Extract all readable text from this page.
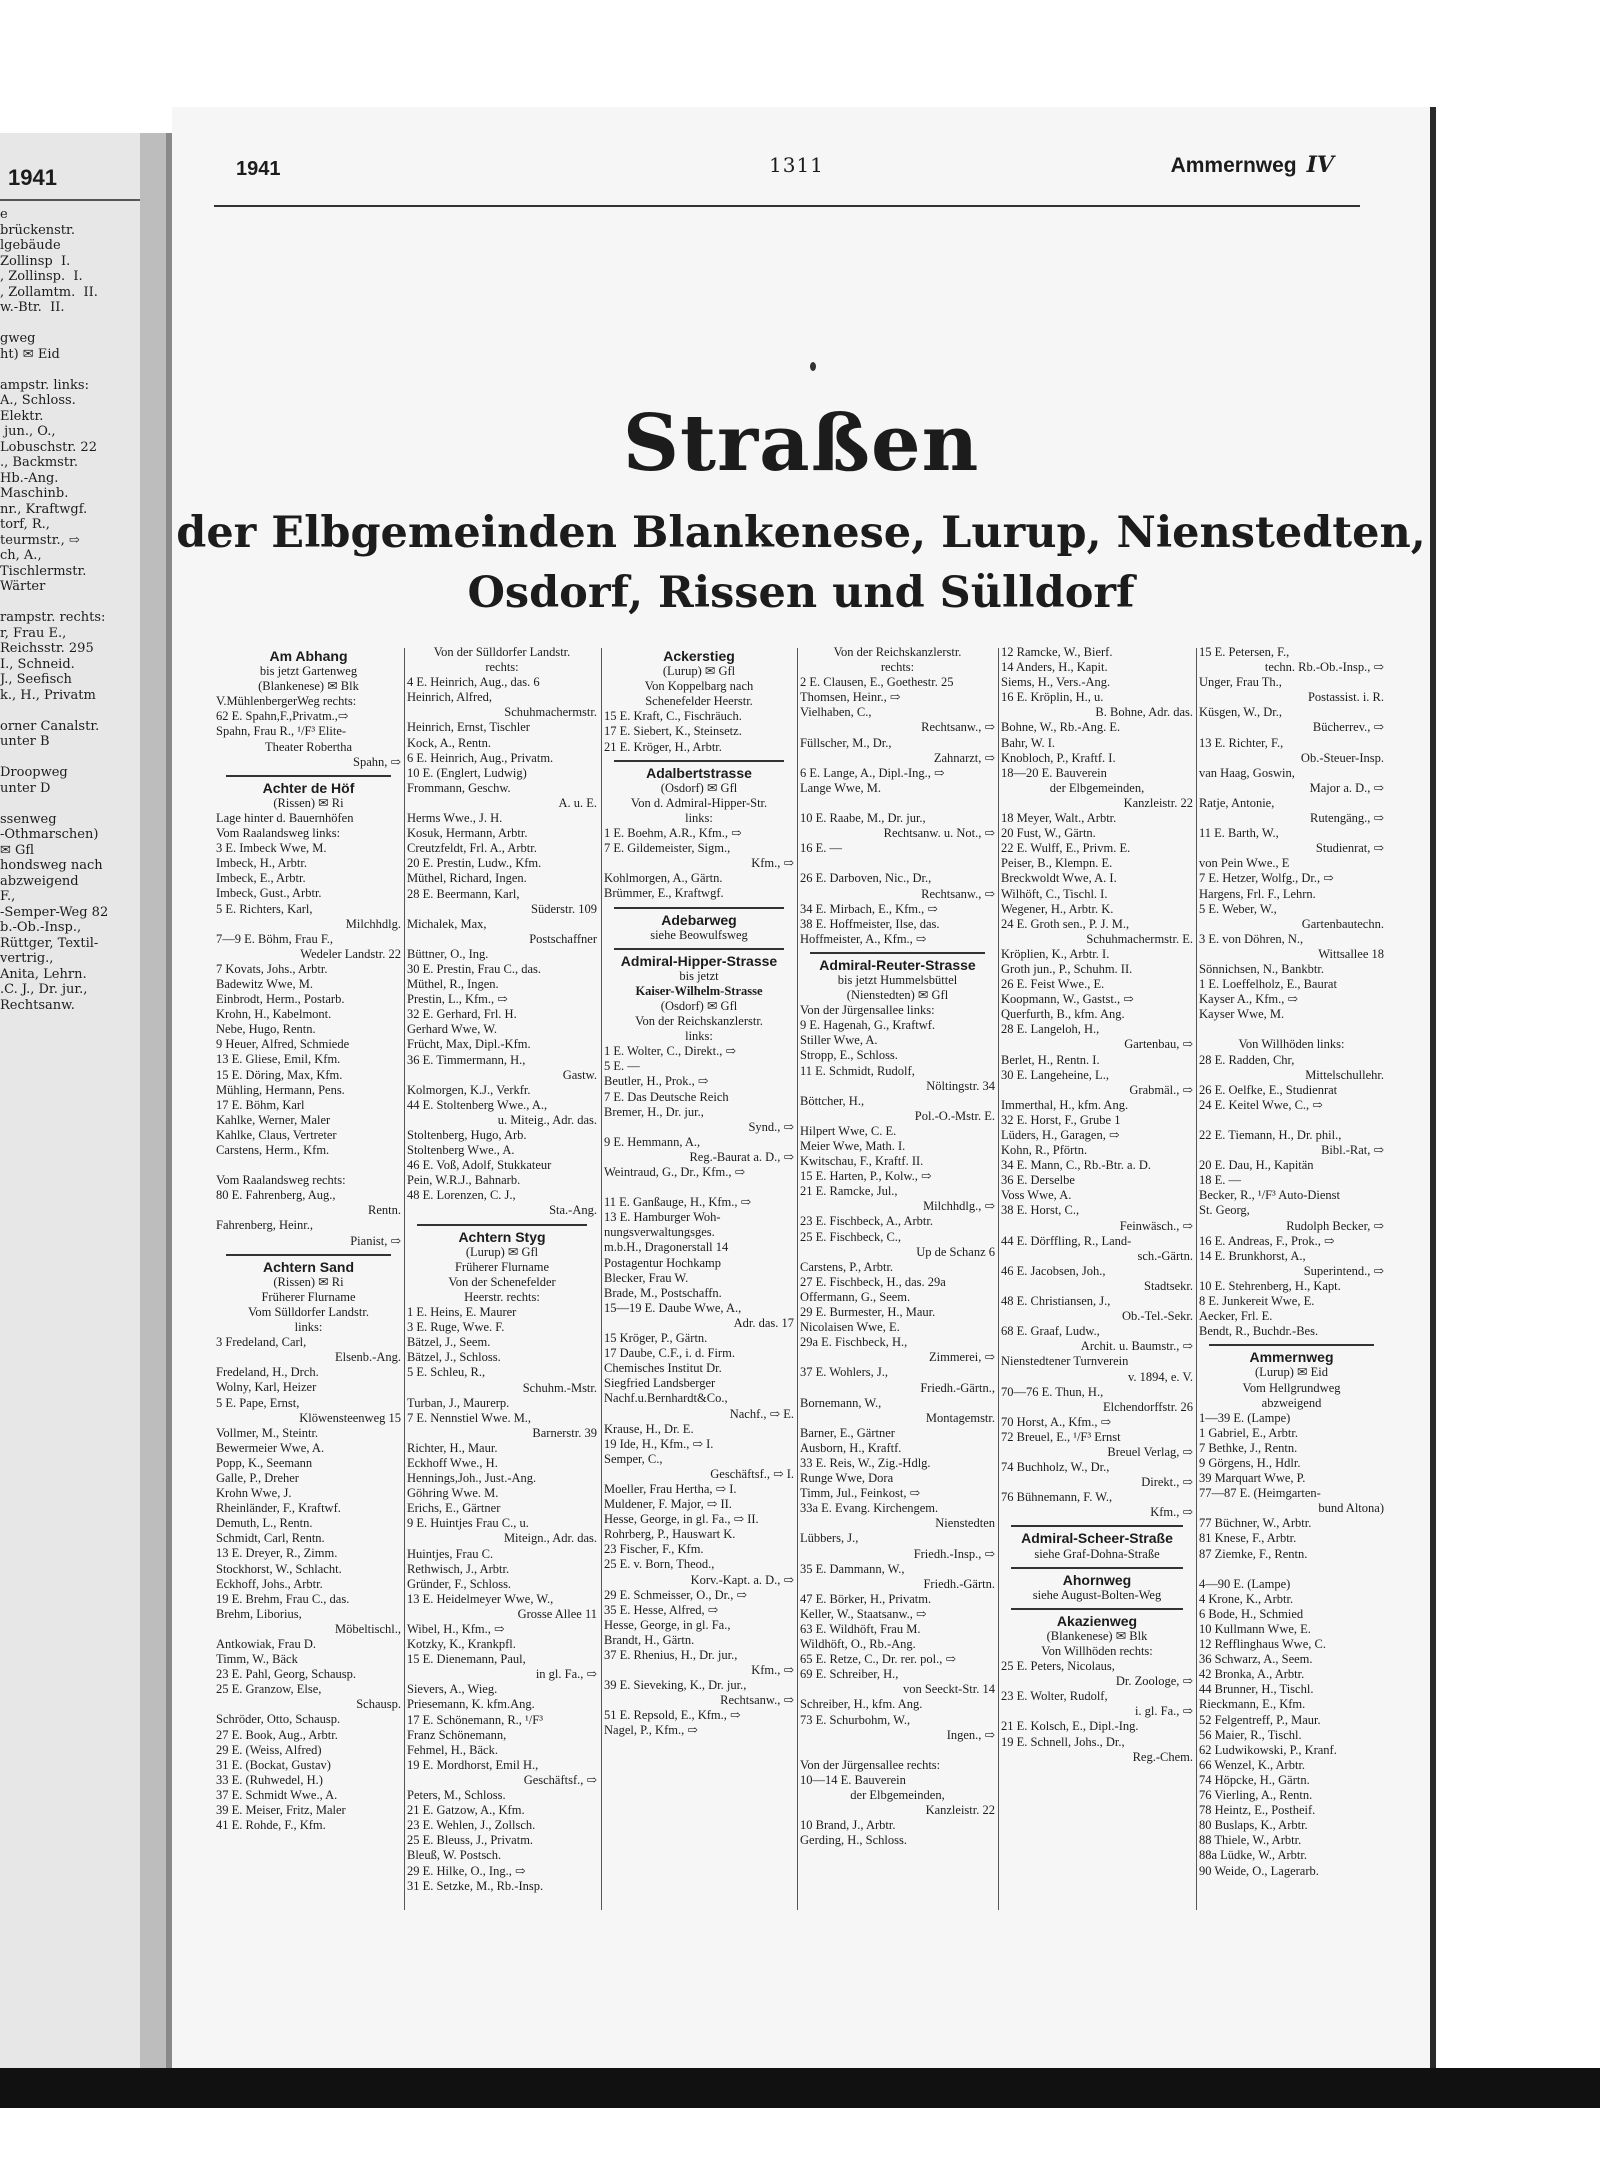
1941
e
brückenstr.
lgebäude
Zollinsp  I.
, Zollinsp.  I.
, Zollamtm.  II.
w.-Btr.  II.

gweg
ht) ✉ Eid

ampstr. links:
A., Schloss.
Elektr.
jun., O.,
Lobuschstr. 22
., Backmstr.
Hb.-Ang.
Maschinb.
nr., Kraftwgf.
torf, R.,
teurmstr., ⇨
ch, A.,
Tischlermstr.
Wärter

rampstr. rechts:
r, Frau E.,
Reichsstr. 295
I., Schneid.
J., Seefisch
k., H., Privatm

orner Canalstr.
unter B

Droopweg
unter D

ssenweg
-Othmarschen)
✉ Gfl
hondsweg nach
abzweigend
F.,
-Semper-Weg 82
b.-Ob.-Insp.,
Rüttger, Textil-
vertrig.,
Anita, Lehrn.
.C. J., Dr. jur.,
Rechtsanw.
1941	1311	Ammernweg IV
Straßen
der Elbgemeinden Blankenese, Lurup, Nienstedten,
Osdorf, Rissen und Sülldorf
Am Abhang
bis jetzt Gartenweg
(Blankenese) ✉ Blk
V.MühlenbergerWeg rechts:
62 E. Spahn,F.,Privatm.,⇨
Spahn, Frau R., ¹/F³ Elite-
Theater Robertha
Spahn, ⇨
Achter de Höf
(Rissen) ✉ Ri
Lage hinter d. Bauernhöfen
Vom Raalandsweg links:
3 E. Imbeck Wwe, M.
Imbeck, H., Arbtr.
Imbeck, E., Arbtr.
Imbeck, Gust., Arbtr.
5 E. Richters, Karl,
Milchhdlg.
7—9 E. Böhm, Frau F.,
Wedeler Landstr. 22
7 Kovats, Johs., Arbtr.
Badewitz Wwe, M.
Einbrodt, Herm., Postarb.
Krohn, H., Kabelmont.
Nebe, Hugo, Rentn.
9 Heuer, Alfred, Schmiede
13 E. Gliese, Emil, Kfm.
15 E. Döring, Max, Kfm.
Mühling, Hermann, Pens.
17 E. Böhm, Karl
Kahlke, Werner, Maler
Kahlke, Claus, Vertreter
Carstens, Herm., Kfm.

Vom Raalandsweg rechts:
80 E. Fahrenberg, Aug.,
Rentn.
Fahrenberg, Heinr.,
Pianist, ⇨
Achtern Sand
(Rissen) ✉ Ri
Früherer Flurname
Vom Sülldorfer Landstr.
links:
3 Fredeland, Carl,
Elsenb.-Ang.
Fredeland, H., Drch.
Wolny, Karl, Heizer
5 E. Pape, Ernst,
Klöwensteenweg 15
Vollmer, M., Steintr.
Bewermeier Wwe, A.
Popp, K., Seemann
Galle, P., Dreher
Krohn Wwe, J.
Rheinländer, F., Kraftwf.
Demuth, L., Rentn.
Schmidt, Carl, Rentn.
13 E. Dreyer, R., Zimm.
Stockhorst, W., Schlacht.
Eckhoff, Johs., Arbtr.
19 E. Brehm, Frau C., das.
Brehm, Liborius,
Möbeltischl.,
Antkowiak, Frau D.
Timm, W., Bäck
23 E. Pahl, Georg, Schausp.
25 E. Granzow, Else,
Schausp.
Schröder, Otto, Schausp.
27 E. Book, Aug., Arbtr.
29 E. (Weiss, Alfred)
31 E. (Bockat, Gustav)
33 E. (Ruhwedel, H.)
37 E. Schmidt Wwe., A.
39 E. Meiser, Fritz, Maler
41 E. Rohde, F., Kfm.
Von der Sülldorfer Landstr.
rechts:
4 E. Heinrich, Aug., das. 6
Heinrich, Alfred,
Schuhmachermstr.
Heinrich, Ernst, Tischler
Kock, A., Rentn.
6 E. Heinrich, Aug., Privatm.
10 E. (Englert, Ludwig)
Frommann, Geschw.
A. u. E.
Herms Wwe., J. H.
Kosuk, Hermann, Arbtr.
Creutzfeldt, Frl. A., Arbtr.
20 E. Prestin, Ludw., Kfm.
Müthel, Richard, Ingen.
28 E. Beermann, Karl,
Süderstr. 109
Michalek, Max,
Postschaffner
Büttner, O., Ing.
30 E. Prestin, Frau C., das.
Müthel, R., Ingen.
Prestin, L., Kfm., ⇨
32 E. Gerhard, Frl. H.
Gerhard Wwe, W.
Frücht, Max, Dipl.-Kfm.
36 E. Timmermann, H.,
Gastw.
Kolmorgen, K.J., Verkfr.
44 E. Stoltenberg Wwe., A.,
u. Miteig., Adr. das.
Stoltenberg, Hugo, Arb.
Stoltenberg Wwe., A.
46 E. Voß, Adolf, Stukkateur
Pein, W.R.J., Bahnarb.
48 E. Lorenzen, C. J.,
Sta.-Ang.
Achtern Styg
(Lurup) ✉ Gfl
Früherer Flurname
Von der Schenefelder
Heerstr. rechts:
1 E. Heins, E. Maurer
3 E. Ruge, Wwe. F.
Bätzel, J., Seem.
Bätzel, J., Schloss.
5 E. Schleu, R.,
Schuhm.-Mstr.
Turban, J., Maurerp.
7 E. Nennstiel Wwe. M.,
Barnerstr. 39
Richter, H., Maur.
Eckhoff Wwe., H.
Hennings,Joh., Just.-Ang.
Göhring Wwe. M.
Erichs, E., Gärtner
9 E. Huintjes Frau C., u.
Miteign., Adr. das.
Huintjes, Frau C.
Rethwisch, J., Arbtr.
Gründer, F., Schloss.
13 E. Heidelmeyer Wwe, W.,
Grosse Allee 11
Wibel, H., Kfm., ⇨
Kotzky, K., Krankpfl.
15 E. Dienemann, Paul,
in gl. Fa., ⇨
Sievers, A., Wieg.
Priesemann, K. kfm.Ang.
17 E. Schönemann, R., ¹/F³
Franz Schönemann,
Fehmel, H., Bäck.
19 E. Mordhorst, Emil H.,
Geschäftsf., ⇨
Peters, M., Schloss.
21 E. Gatzow, A., Kfm.
23 E. Wehlen, J., Zollsch.
25 E. Bleuss, J., Privatm.
Bleuß, W. Postsch.
29 E. Hilke, O., Ing., ⇨
31 E. Setzke, M., Rb.-Insp.
Ackerstieg
(Lurup) ✉ Gfl
Von Koppelbarg nach
Schenefelder Heerstr.
15 E. Kraft, C., Fischräuch.
17 E. Siebert, K., Steinsetz.
21 E. Kröger, H., Arbtr.
Adalbertstrasse
(Osdorf) ✉ Gfl
Von d. Admiral-Hipper-Str.
links:
1 E. Boehm, A.R., Kfm., ⇨
7 E. Gildemeister, Sigm.,
Kfm., ⇨
Kohlmorgen, A., Gärtn.
Brümmer, E., Kraftwgf.
Adebarweg
siehe Beowulfsweg
Admiral-Hipper-Strasse
bis jetzt
Kaiser-Wilhelm-Strasse
(Osdorf) ✉ Gfl
Von der Reichskanzlerstr.
links:
1 E. Wolter, C., Direkt., ⇨
5 E. —
Beutler, H., Prok., ⇨
7 E. Das Deutsche Reich
Bremer, H., Dr. jur.,
Synd., ⇨
9 E. Hemmann, A.,
Reg.-Baurat a. D., ⇨
Weintraud, G., Dr., Kfm., ⇨

11 E. Ganßauge, H., Kfm., ⇨
13 E. Hamburger Woh-
nungsverwaltungsges.
m.b.H., Dragonerstall 14
Postagentur Hochkamp
Blecker, Frau W.
Brade, M., Postschaffn.
15—19 E. Daube Wwe, A.,
Adr. das. 17
15 Kröger, P., Gärtn.
17 Daube, C.F., i. d. Firm.
Chemisches Institut Dr.
Siegfried Landsberger
Nachf.u.Bernhardt&Co.,
Nachf., ⇨ E.
Krause, H., Dr. E.
19 Ide, H., Kfm., ⇨ I.
Semper, C.,
Geschäftsf., ⇨ I.
Moeller, Frau Hertha, ⇨ I.
Muldener, F. Major, ⇨ II.
Hesse, George, in gl. Fa., ⇨ II.
Rohrberg, P., Hauswart K.
23 Fischer, F., Kfm.
25 E. v. Born, Theod.,
Korv.-Kapt. a. D., ⇨
29 E. Schmeisser, O., Dr., ⇨
35 E. Hesse, Alfred, ⇨
Hesse, George, in gl. Fa.,
Brandt, H., Gärtn.
37 E. Rhenius, H., Dr. jur.,
Kfm., ⇨
39 E. Sieveking, K., Dr. jur.,
Rechtsanw., ⇨
51 E. Repsold, E., Kfm., ⇨
Nagel, P., Kfm., ⇨
Von der Reichskanzlerstr.
rechts:
2 E. Clausen, E., Goethestr. 25
Thomsen, Heinr., ⇨
Vielhaben, C.,
Rechtsanw., ⇨
Füllscher, M., Dr.,
Zahnarzt, ⇨
6 E. Lange, A., Dipl.-Ing., ⇨
Lange Wwe, M.

10 E. Raabe, M., Dr. jur.,
Rechtsanw. u. Not., ⇨
16 E. —

26 E. Darboven, Nic., Dr.,
Rechtsanw., ⇨
34 E. Mirbach, E., Kfm., ⇨
38 E. Hoffmeister, Ilse, das.
Hoffmeister, A., Kfm., ⇨
Admiral-Reuter-Strasse
bis jetzt Hummelsbüttel
(Nienstedten) ✉ Gfl
Von der Jürgensallee links:
9 E. Hagenah, G., Kraftwf.
Stiller Wwe, A.
Stropp, E., Schloss.
11 E. Schmidt, Rudolf,
Nöltingstr. 34
Böttcher, H.,
Pol.-O.-Mstr. E.
Hilpert Wwe, C. E.
Meier Wwe, Math. I.
Kwitschau, F., Kraftf. II.
15 E. Harten, P., Kolw., ⇨
21 E. Ramcke, Jul.,
Milchhdlg., ⇨
23 E. Fischbeck, A., Arbtr.
25 E. Fischbeck, C.,
Up de Schanz 6
Carstens, P., Arbtr.
27 E. Fischbeck, H., das. 29a
Offermann, G., Seem.
29 E. Burmester, H., Maur.
Nicolaisen Wwe, E.
29a E. Fischbeck, H.,
Zimmerei, ⇨
37 E. Wohlers, J.,
Friedh.-Gärtn.,
Bornemann, W.,
Montagemstr.
Barner, E., Gärtner
Ausborn, H., Kraftf.
33 E. Reis, W., Zig.-Hdlg.
Runge Wwe, Dora
Timm, Jul., Feinkost, ⇨
33a E. Evang. Kirchengem.
Nienstedten
Lübbers, J.,
Friedh.-Insp., ⇨
35 E. Dammann, W.,
Friedh.-Gärtn.
47 E. Börker, H., Privatm.
Keller, W., Staatsanw., ⇨
63 E. Wildhöft, Frau M.
Wildhöft, O., Rb.-Ang.
65 E. Retze, C., Dr. rer. pol., ⇨
69 E. Schreiber, H.,
von Seeckt-Str. 14
Schreiber, H., kfm. Ang.
73 E. Schurbohm, W.,
Ingen., ⇨

Von der Jürgensallee rechts:
10—14 E. Bauverein
der Elbgemeinden,
Kanzleistr. 22
10 Brand, J., Arbtr.
Gerding, H., Schloss.
12 Ramcke, W., Bierf.
14 Anders, H., Kapit.
Siems, H., Vers.-Ang.
16 E. Kröplin, H., u.
B. Bohne, Adr. das.
Bohne, W., Rb.-Ang. E.
Bahr, W. I.
Knobloch, P., Kraftf. I.
18—20 E. Bauverein
der Elbgemeinden,
Kanzleistr. 22
18 Meyer, Walt., Arbtr.
20 Fust, W., Gärtn.
22 E. Wulff, E., Privm. E.
Peiser, B., Klempn. E.
Breckwoldt Wwe, A. I.
Wilhöft, C., Tischl. I.
Wegener, H., Arbtr. K.
24 E. Groth sen., P. J. M.,
Schuhmachermstr. E.
Kröplien, K., Arbtr. I.
Groth jun., P., Schuhm. II.
26 E. Feist Wwe., E.
Koopmann, W., Gastst., ⇨
Querfurth, B., kfm. Ang.
28 E. Langeloh, H.,
Gartenbau, ⇨
Berlet, H., Rentn. I.
30 E. Langeheine, L.,
Grabmäl., ⇨
Immerthal, H., kfm. Ang.
32 E. Horst, F., Grube 1
Lüders, H., Garagen, ⇨
Kohn, R., Pförtn.
34 E. Mann, C., Rb.-Btr. a. D.
36 E. Derselbe
Voss Wwe, A.
38 E. Horst, C.,
Feinwäsch., ⇨
44 E. Dörffling, R., Land-
sch.-Gärtn.
46 E. Jacobsen, Joh.,
Stadtsekr.
48 E. Christiansen, J.,
Ob.-Tel.-Sekr.
68 E. Graaf, Ludw.,
Archit. u. Baumstr., ⇨
Nienstedtener Turnverein
v. 1894, e. V.
70—76 E. Thun, H.,
Elchendorffstr. 26
70 Horst, A., Kfm., ⇨
72 Breuel, E., ¹/F³ Ernst
Breuel Verlag, ⇨
74 Buchholz, W., Dr.,
Direkt., ⇨
76 Bühnemann, F. W.,
Kfm., ⇨
Admiral-Scheer-Straße
siehe Graf-Dohna-Straße
Ahornweg
siehe August-Bolten-Weg
Akazienweg
(Blankenese) ✉ Blk
Von Willhöden rechts:
25 E. Peters, Nicolaus,
Dr. Zoologe, ⇨
23 E. Wolter, Rudolf,
i. gl. Fa., ⇨
21 E. Kolsch, E., Dipl.-Ing.
19 E. Schnell, Johs., Dr.,
Reg.-Chem.
15 E. Petersen, F.,
techn. Rb.-Ob.-Insp., ⇨
Unger, Frau Th.,
Postassist. i. R.
Küsgen, W., Dr.,
Bücherrev., ⇨
13 E. Richter, F.,
Ob.-Steuer-Insp.
van Haag, Goswin,
Major a. D., ⇨
Ratje, Antonie,
Rutengäng., ⇨
11 E. Barth, W.,
Studienrat, ⇨
von Pein Wwe., E
7 E. Hetzer, Wolfg., Dr., ⇨
Hargens, Frl. F., Lehrn.
5 E. Weber, W.,
Gartenbautechn.
3 E. von Döhren, N.,
Wittsallee 18
Sönnichsen, N., Bankbtr.
1 E. Loeffelholz, E., Baurat
Kayser A., Kfm., ⇨
Kayser Wwe, M.

Von Willhöden links:
28 E. Radden, Chr,
Mittelschullehr.
26 E. Oelfke, E., Studienrat
24 E. Keitel Wwe, C., ⇨

22 E. Tiemann, H., Dr. phil.,
Bibl.-Rat, ⇨
20 E. Dau, H., Kapitän
18 E. —
Becker, R., ¹/F³ Auto-Dienst
St. Georg,
Rudolph Becker, ⇨
16 E. Andreas, F., Prok., ⇨
14 E. Brunkhorst, A.,
Superintend., ⇨
10 E. Stehrenberg, H., Kapt.
8 E. Junkereit Wwe, E.
Aecker, Frl. E.
Bendt, R., Buchdr.-Bes.
Ammernweg
(Lurup) ✉ Eid
Vom Hellgrundweg
abzweigend
1—39 E. (Lampe)
1 Gabriel, E., Arbtr.
7 Bethke, J., Rentn.
9 Görgens, H., Hdlr.
39 Marquart Wwe, P.
77—87 E. (Heimgarten-
bund Altona)
77 Büchner, W., Arbtr.
81 Knese, F., Arbtr.
87 Ziemke, F., Rentn.

4—90 E. (Lampe)
4 Krone, K., Arbtr.
6 Bode, H., Schmied
10 Kullmann Wwe, E.
12 Refflinghaus Wwe, C.
36 Schwarz, A., Seem.
42 Bronka, A., Arbtr.
44 Brunner, H., Tischl.
Rieckmann, E., Kfm.
52 Felgentreff, P., Maur.
56 Maier, R., Tischl.
62 Ludwikowski, P., Kranf.
66 Wenzel, K., Arbtr.
74 Höpcke, H., Gärtn.
76 Vierling, A., Rentn.
78 Heintz, E., Postheif.
80 Buslaps, K., Arbtr.
88 Thiele, W., Arbtr.
88a Lüdke, W., Arbtr.
90 Weide, O., Lagerarb.
